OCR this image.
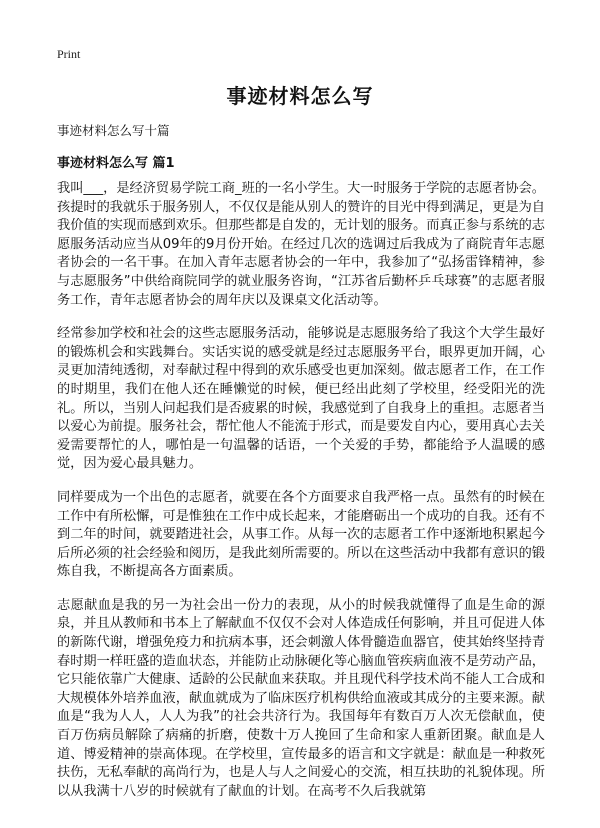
Print
事迹材料怎么写
事迹材料怎么写十篇
事迹材料怎么写 篇1

我叫___，是经济贸易学院工商_班的一名小学生。大一时服务于学院的志愿者协会。孩提时的我就乐于服务别人，不仅仅是能从别人的赞许的目光中得到满足，更是为自我价值的实现而感到欢乐。但那些都是自发的，无计划的服务。而真正参与系统的志愿服务活动应当从09年的9月份开始。在经过几次的选调过后我成为了商院青年志愿者协会的一名干事。在加入青年志愿者协会的一年中，我参加了“弘扬雷锋精神，参与志愿服务”中供给商院同学的就业服务咨询，“江苏省后勤杯乒乓球赛”的志愿者服务工作，青年志愿者协会的周年庆以及课桌文化活动等。

经常参加学校和社会的这些志愿服务活动，能够说是志愿服务给了我这个大学生最好的锻炼机会和实践舞台。实话实说的感受就是经过志愿服务平台，眼界更加开阔，心灵更加清纯透彻，对奉献过程中得到的欢乐感受也更加深刻。做志愿者工作，在工作的时期里，我们在他人还在睡懒觉的时候，便已经出此刻了学校里，经受阳光的洗礼。所以，当别人问起我们是否疲累的时候，我感觉到了自我身上的重担。志愿者当以爱心为前提。服务社会，帮忙他人不能流于形式，而是要发自内心，要用真心去关爱需要帮忙的人，哪怕是一句温馨的话语，一个关爱的手势，都能给予人温暖的感觉，因为爱心最具魅力。

同样要成为一个出色的志愿者，就要在各个方面要求自我严格一点。虽然有的时候在工作中有所松懈，可是惟独在工作中成长起来，才能磨砺出一个成功的自我。还有不到二年的时间，就要踏进社会，从事工作。从每一次的志愿者工作中逐渐地积累起今后所必须的社会经验和阅历，是我此刻所需要的。所以在这些活动中我都有意识的锻炼自我，不断提高各方面素质。

志愿献血是我的另一为社会出一份力的表现，从小的时候我就懂得了血是生命的源泉，并且从教师和书本上了解献血不仅仅不会对人体造成任何影响，并且可促进人体的新陈代谢，增强免疫力和抗病本事，还会刺激人体骨髓造血器官，使其始终坚持青春时期一样旺盛的造血状态，并能防止动脉硬化等心脑血管疾病血液不是劳动产品，它只能依靠广大健康、适龄的公民献血来获取。并且现代科学技术尚不能人工合成和大规模体外培养血液，献血就成为了临床医疗机构供给血液或其成分的主要来源。献血是“我为人人，人人为我”的社会共济行为。我国每年有数百万人次无偿献血，使百万伤病员解除了病痛的折磨，使数十万人挽回了生命和家人重新团聚。献血是人道、博爱精神的崇高体现。在学校里，宣传最多的语言和文字就是：献血是一种救死扶伤，无私奉献的高尚行为，也是人与人之间爱心的交流，相互扶助的礼貌体现。所以从我满十八岁的时候就有了献血的计划。在高考不久后我就第
